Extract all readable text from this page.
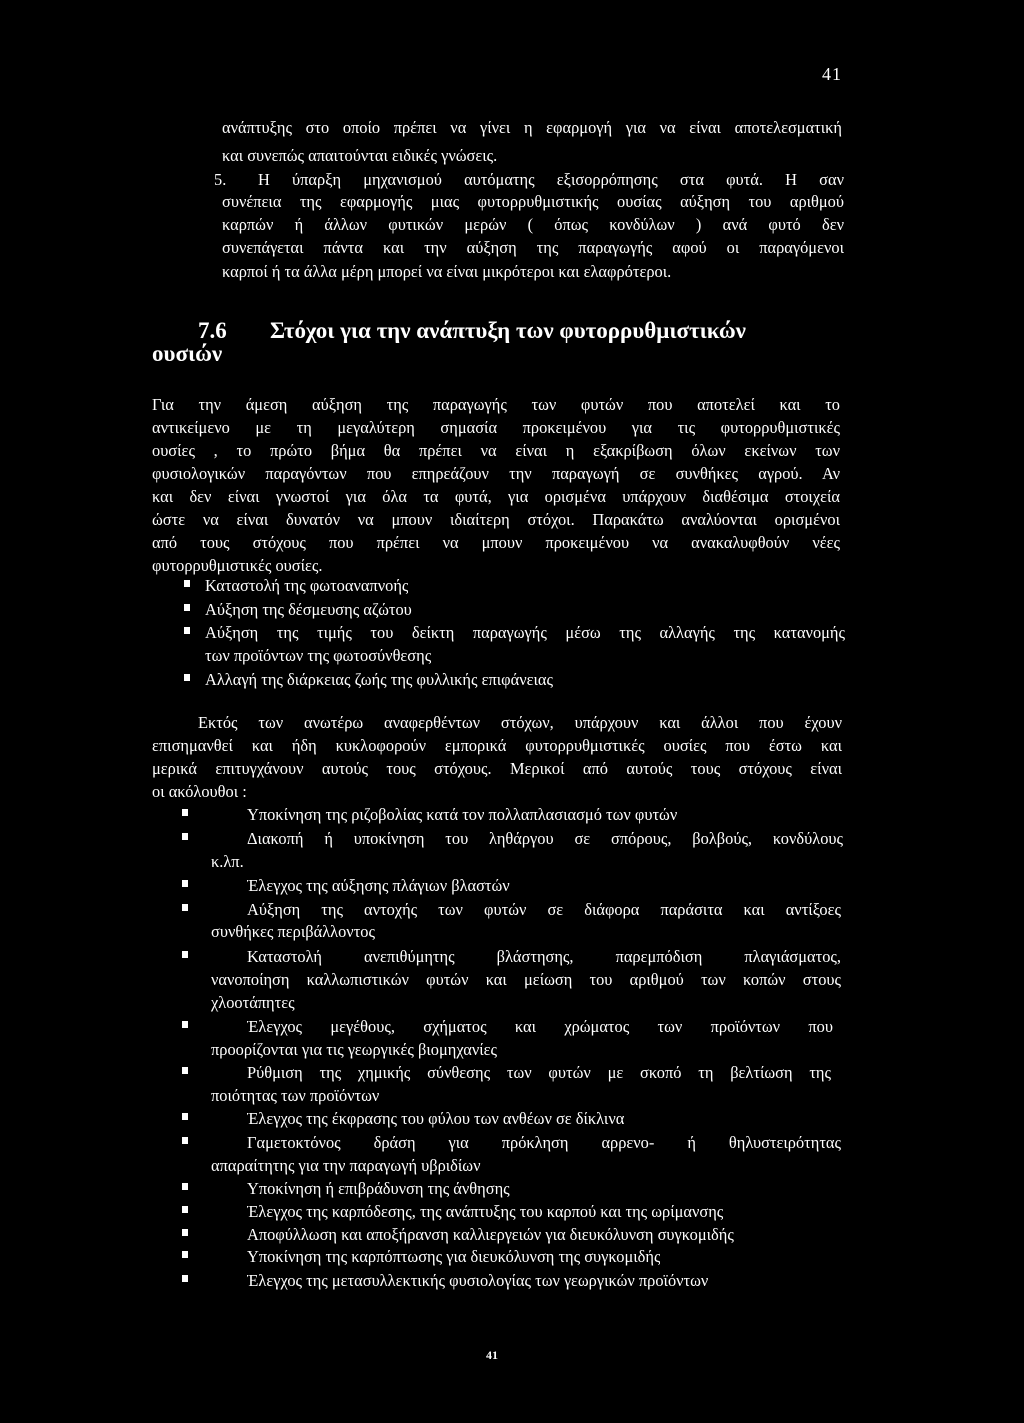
41
ανάπτυξης στο οποίο πρέπει να γίνει η εφαρμογή για να είναι αποτελεσματική
και συνεπώς απαιτούνται ειδικές γνώσεις.
5. Η ύπαρξη μηχανισμού αυτόματης εξισορρόπησης στα φυτά. Η σαν
συνέπεια της εφαρμογής μιας φυτορρυθμιστικής ουσίας αύξηση του αριθμού
καρπών ή άλλων φυτικών μερών ( όπως κονδύλων ) ανά φυτό δεν
συνεπάγεται πάντα και την αύξηση της παραγωγής αφού οι παραγόμενοι
καρποί ή τα άλλα μέρη μπορεί να είναι μικρότεροι και ελαφρότεροι.
7.6 Στόχοι για την ανάπτυξη των φυτορρυθμιστικών
ουσιών
Για την άμεση αύξηση της παραγωγής των φυτών που αποτελεί και το
αντικείμενο με τη μεγαλύτερη σημασία προκειμένου για τις φυτορρυθμιστικές
ουσίες , το πρώτο βήμα θα πρέπει να είναι η εξακρίβωση όλων εκείνων των
φυσιολογικών παραγόντων που επηρεάζουν την παραγωγή σε συνθήκες αγρού. Αν
και δεν είναι γνωστοί για όλα τα φυτά, για ορισμένα υπάρχουν διαθέσιμα στοιχεία
ώστε να είναι δυνατόν να μπουν ιδιαίτερη στόχοι. Παρακάτω αναλύονται ορισμένοι
από τους στόχους που πρέπει να μπουν προκειμένου να ανακαλυφθούν νέες
φυτορρυθμιστικές ουσίες.
Καταστολή της φωτοαναπνοής
Αύξηση της δέσμευσης αζώτου
Αύξηση της τιμής του δείκτη παραγωγής μέσω της αλλαγής της κατανομής
των προϊόντων της φωτοσύνθεσης
Αλλαγή της διάρκειας ζωής της φυλλικής επιφάνειας
Εκτός των ανωτέρω αναφερθέντων στόχων, υπάρχουν και άλλοι που έχουν
επισημανθεί και ήδη κυκλοφορούν εμπορικά φυτορρυθμιστικές ουσίες που έστω και
μερικά επιτυγχάνουν αυτούς τους στόχους. Μερικοί από αυτούς τους στόχους είναι
οι ακόλουθοι :
Υποκίνηση της ριζοβολίας κατά τον πολλαπλασιασμό των φυτών
Διακοπή ή υποκίνηση του ληθάργου σε σπόρους, βολβούς, κονδύλους
κ.λπ.
Έλεγχος της αύξησης πλάγιων βλαστών
Αύξηση της αντοχής των φυτών σε διάφορα παράσιτα και αντίξοες
συνθήκες περιβάλλοντος
Καταστολή ανεπιθύμητης βλάστησης, παρεμπόδιση πλαγιάσματος,
νανοποίηση καλλωπιστικών φυτών και μείωση του αριθμού των κοπών στους
χλοοτάπητες
Έλεγχος μεγέθους, σχήματος και χρώματος των προϊόντων που
προορίζονται για τις γεωργικές βιομηχανίες
Ρύθμιση της χημικής σύνθεσης των φυτών με σκοπό τη βελτίωση της
ποιότητας των προϊόντων
Έλεγχος της έκφρασης του φύλου των ανθέων σε δίκλινα
Γαμετοκτόνος δράση για πρόκληση αρρενο- ή θηλυστειρότητας
απαραίτητης για την παραγωγή υβριδίων
Υποκίνηση ή επιβράδυνση της άνθησης
Έλεγχος της καρπόδεσης, της ανάπτυξης του καρπού και της ωρίμανσης
Αποφύλλωση και αποξήρανση καλλιεργειών για διευκόλυνση συγκομιδής
Υποκίνηση της καρπόπτωσης για διευκόλυνση της συγκομιδής
Έλεγχος της μετασυλλεκτικής φυσιολογίας των γεωργικών προϊόντων
41
